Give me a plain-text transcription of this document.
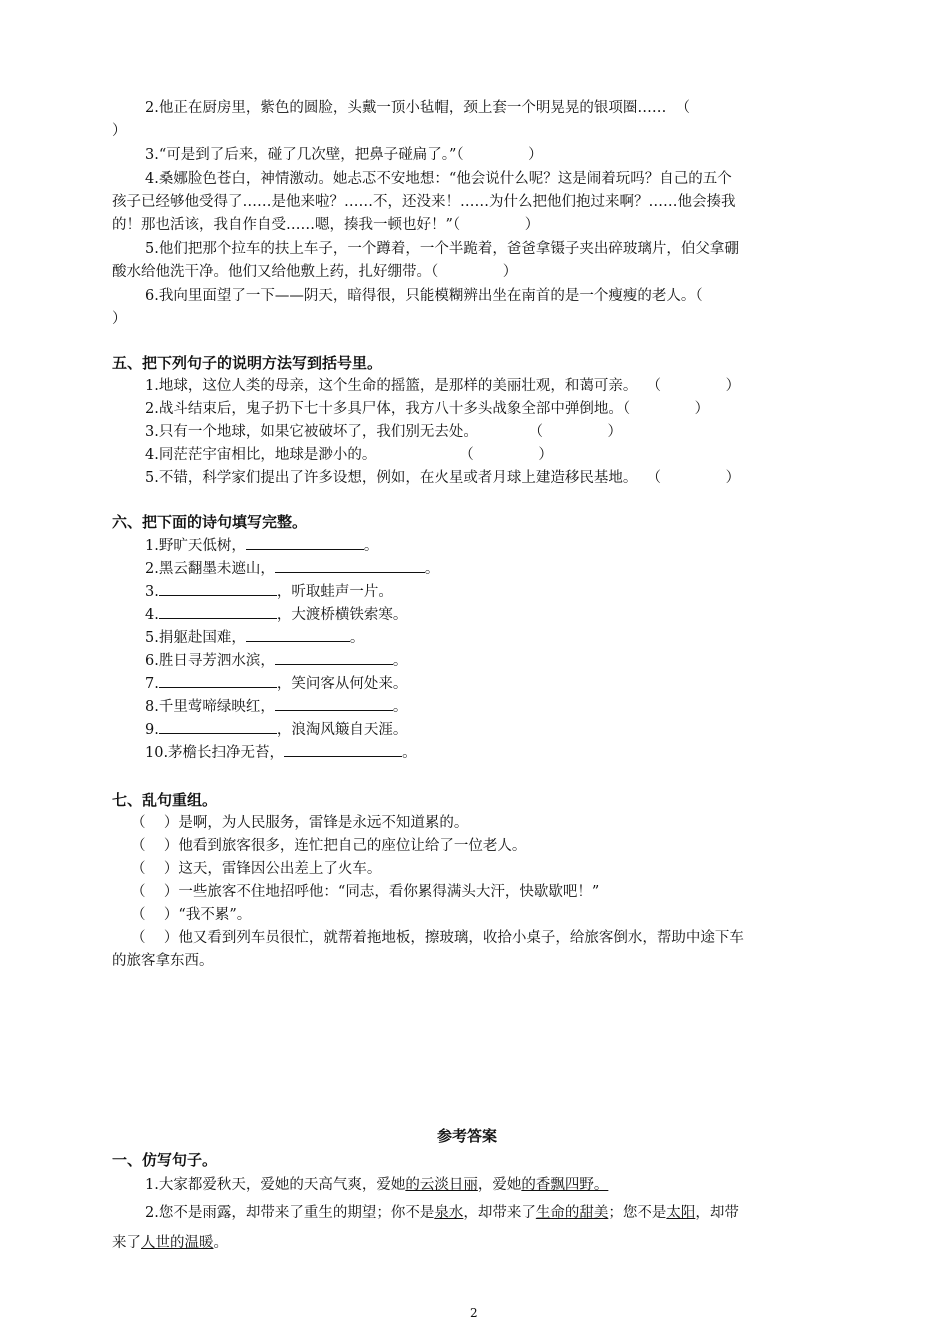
2.他正在厨房里，紫色的圆脸，头戴一顶小毡帽，颈上套一个明晃晃的银项圈……  （
）
3.“可是到了后来，碰了几次壁，把鼻子碰扁了。”（              ）
4.桑娜脸色苍白，神情激动。她忐忑不安地想：“他会说什么呢？这是闹着玩吗？自己的五个
孩子已经够他受得了……是他来啦？……不，还没来！……为什么把他们抱过来啊？……他会揍我
的！那也活该，我自作自受……嗯，揍我一顿也好！”（              ）
5.他们把那个拉车的扶上车子，一个蹲着，一个半跪着，爸爸拿镊子夹出碎玻璃片，伯父拿硼
酸水给他洗干净。他们又给他敷上药，扎好绷带。（              ）
6.我向里面望了一下——阴天，暗得很，只能模糊辨出坐在南首的是一个瘦瘦的老人。（
）
五、把下列句子的说明方法写到括号里。
1.地球，这位人类的母亲，这个生命的摇篮，是那样的美丽壮观，和蔼可亲。  （              ）
2.战斗结束后，鬼子扔下七十多具尸体，我方八十多头战象全部中弹倒地。（              ）
3.只有一个地球，如果它被破坏了，我们别无去处。           （              ）
4.同茫茫宇宙相比，地球是渺小的。                  （              ）
5.不错，科学家们提出了许多设想，例如，在火星或者月球上建造移民基地。  （              ）
六、把下面的诗句填写完整。
1.野旷天低树，	。
2.黑云翻墨未遮山，	。
3.	，听取蛙声一片。
4.	，大渡桥横铁索寒。
5.捐躯赴国难，	。
6.胜日寻芳泗水滨，	。
7.	，笑问客从何处来。
8.千里莺啼绿映红，	。
9.	，浪淘风簸自天涯。
10.茅檐长扫净无苔，	。
七、乱句重组。
（    ）是啊，为人民服务，雷锋是永远不知道累的。
（    ）他看到旅客很多，连忙把自己的座位让给了一位老人。
（    ）这天，雷锋因公出差上了火车。
（    ）一些旅客不住地招呼他：“同志，看你累得满头大汗，快歇歇吧！”
（    ）“我不累”。
（    ）他又看到列车员很忙，就帮着拖地板，擦玻璃，收拾小桌子，给旅客倒水，帮助中途下车
的旅客拿东西。
参考答案
一、仿写句子。
1.大家都爱秋天，爱她的天高气爽，爱她的云淡日丽，爱她的香飘四野。
2.您不是雨露，却带来了重生的期望；你不是泉水，却带来了生命的甜美；您不是太阳，却带
来了人世的温暖。
2
